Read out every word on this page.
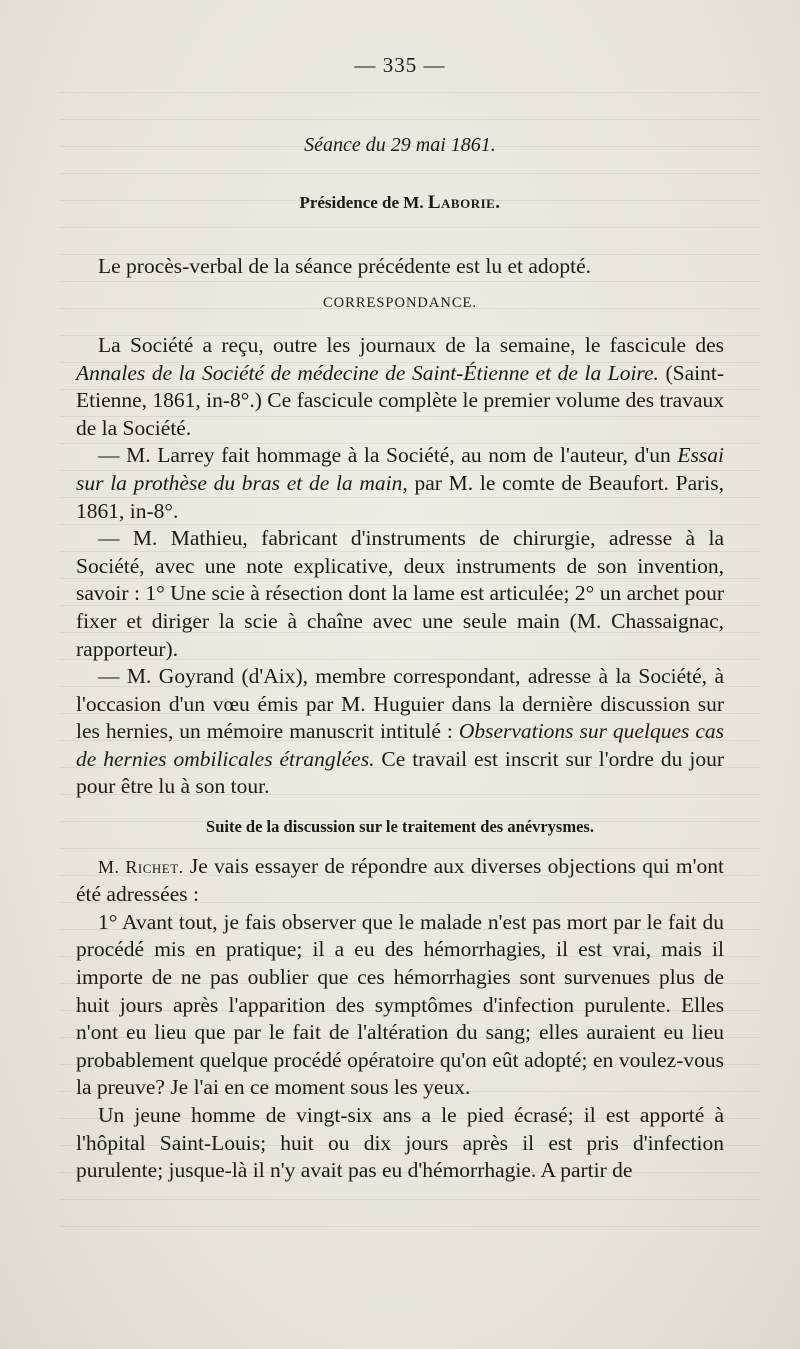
— 335 —
Séance du 29 mai 1861.
Présidence de M. Laborie.

Le procès-verbal de la séance précédente est lu et adopté.

CORRESPONDANCE.

La Société a reçu, outre les journaux de la semaine, le fascicule des Annales de la Société de médecine de Saint-Étienne et de la Loire. (Saint-Etienne, 1861, in-8°.) Ce fascicule complète le premier volume des travaux de la Société.

— M. Larrey fait hommage à la Société, au nom de l'auteur, d'un Essai sur la prothèse du bras et de la main, par M. le comte de Beaufort. Paris, 1861, in-8°.

— M. Mathieu, fabricant d'instruments de chirurgie, adresse à la Société, avec une note explicative, deux instruments de son invention, savoir : 1° Une scie à résection dont la lame est articulée; 2° un archet pour fixer et diriger la scie à chaîne avec une seule main (M. Chassaignac, rapporteur).

— M. Goyrand (d'Aix), membre correspondant, adresse à la Société, à l'occasion d'un vœu émis par M. Huguier dans la dernière discussion sur les hernies, un mémoire manuscrit intitulé : Observations sur quelques cas de hernies ombilicales étranglées. Ce travail est inscrit sur l'ordre du jour pour être lu à son tour.

Suite de la discussion sur le traitement des anévrysmes.

M. Richet. Je vais essayer de répondre aux diverses objections qui m'ont été adressées :

1° Avant tout, je fais observer que le malade n'est pas mort par le fait du procédé mis en pratique; il a eu des hémorrhagies, il est vrai, mais il importe de ne pas oublier que ces hémorrhagies sont survenues plus de huit jours après l'apparition des symptômes d'infection purulente. Elles n'ont eu lieu que par le fait de l'altération du sang; elles auraient eu lieu probablement quelque procédé opératoire qu'on eût adopté; en voulez-vous la preuve? Je l'ai en ce moment sous les yeux.

Un jeune homme de vingt-six ans a le pied écrasé; il est apporté à l'hôpital Saint-Louis; huit ou dix jours après il est pris d'infection purulente; jusque-là il n'y avait pas eu d'hémorrhagie. A partir de
